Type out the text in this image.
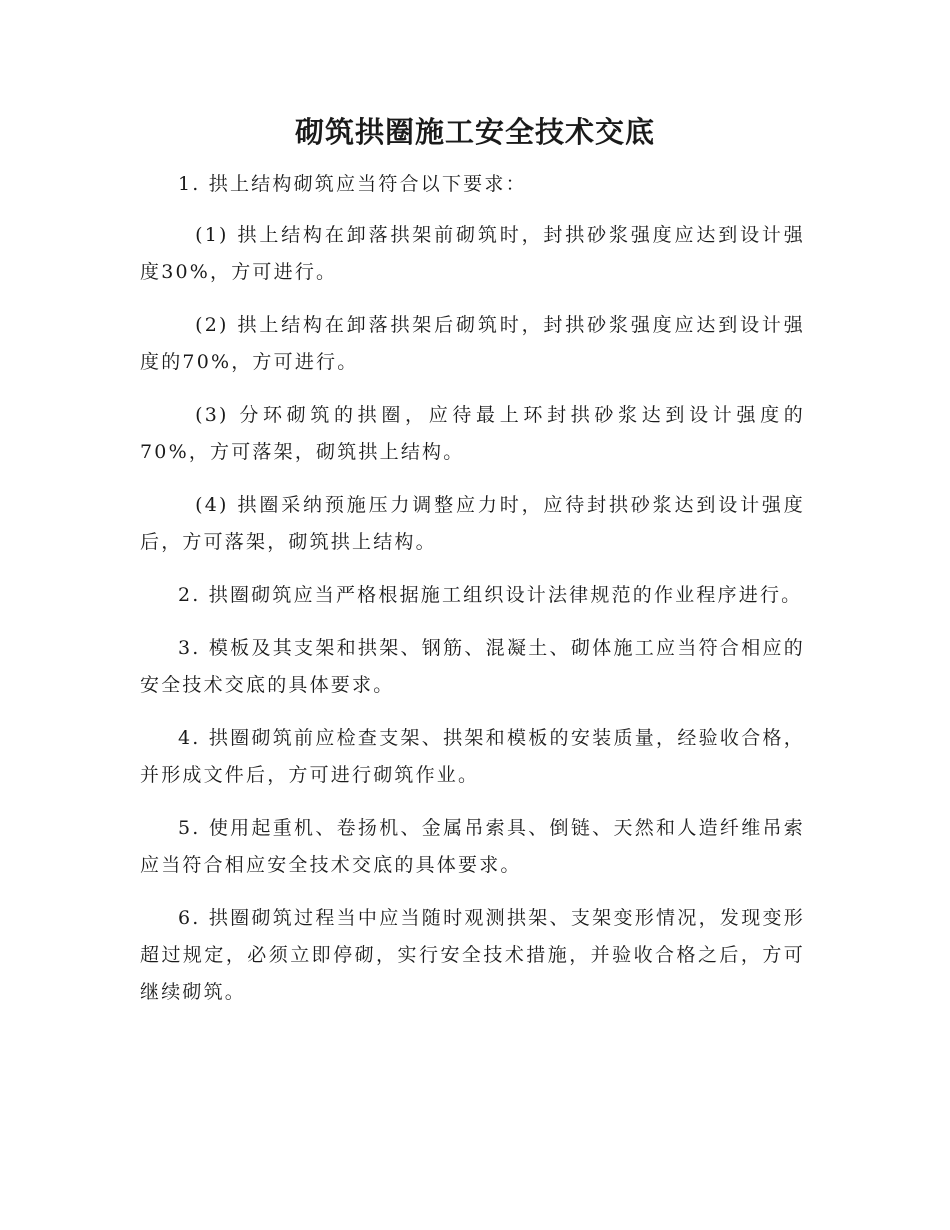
砌筑拱圈施工安全技术交底

1. 拱上结构砌筑应当符合以下要求：

(1) 拱上结构在卸落拱架前砌筑时，封拱砂浆强度应达到设计强度30%，方可进行。

(2) 拱上结构在卸落拱架后砌筑时，封拱砂浆强度应达到设计强度的70%，方可进行。

(3) 分环砌筑的拱圈，应待最上环封拱砂浆达到设计强度的70%，方可落架，砌筑拱上结构。

(4) 拱圈采纳预施压力调整应力时，应待封拱砂浆达到设计强度后，方可落架，砌筑拱上结构。

2. 拱圈砌筑应当严格根据施工组织设计法律规范的作业程序进行。

3. 模板及其支架和拱架、钢筋、混凝土、砌体施工应当符合相应的安全技术交底的具体要求。

4. 拱圈砌筑前应检查支架、拱架和模板的安装质量，经验收合格，并形成文件后，方可进行砌筑作业。

5. 使用起重机、卷扬机、金属吊索具、倒链、天然和人造纤维吊索应当符合相应安全技术交底的具体要求。

6. 拱圈砌筑过程当中应当随时观测拱架、支架变形情况，发现变形超过规定，必须立即停砌，实行安全技术措施，并验收合格之后，方可继续砌筑。
